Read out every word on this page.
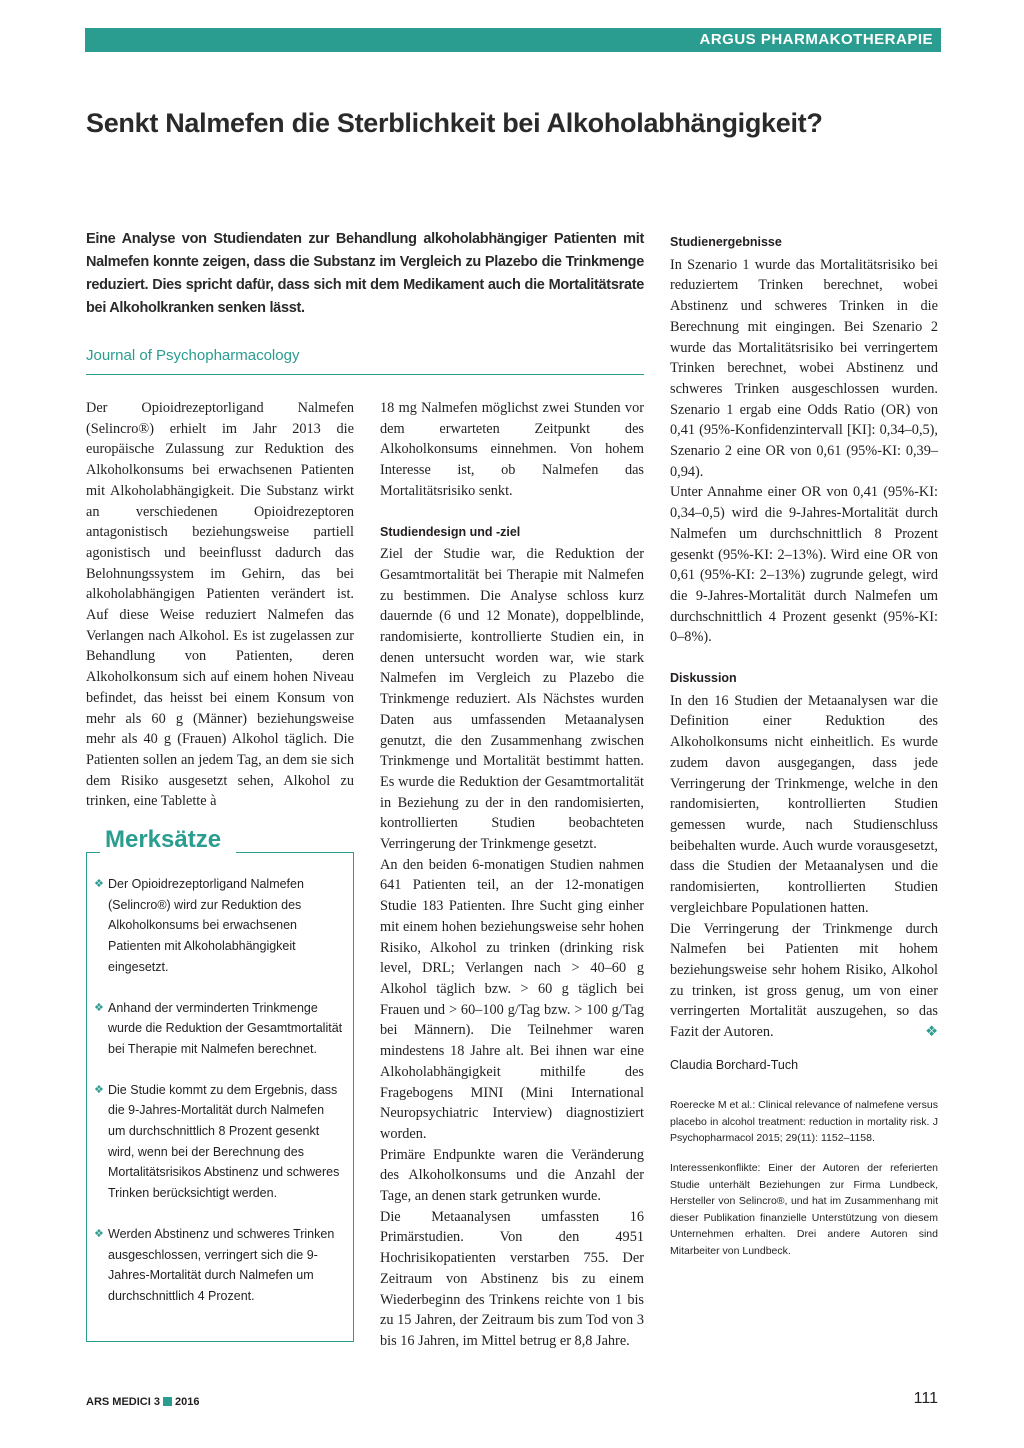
ARGUS PHARMAKOTHERAPIE
Senkt Nalmefen die Sterblichkeit bei Alkoholabhängigkeit?

Eine Analyse von Studiendaten zur Behandlung alkoholabhängiger Patienten mit Nalmefen konnte zeigen, dass die Substanz im Vergleich zu Plazebo die Trinkmenge reduziert. Dies spricht dafür, dass sich mit dem Medikament auch die Mortalitätsrate bei Alkoholkranken senken lässt.

Journal of Psychopharmacology

Der Opioidrezeptorligand Nalmefen (Selincro®) erhielt im Jahr 2013 die europäische Zulassung zur Reduktion des Alkoholkonsums bei erwachsenen Patienten mit Alkoholabhängigkeit. Die Substanz wirkt an verschiedenen Opioidrezeptoren antagonistisch beziehungsweise partiell agonistisch und beeinflusst dadurch das Belohnungssystem im Gehirn, das bei alkoholabhängigen Patienten verändert ist. Auf diese Weise reduziert Nalmefen das Verlangen nach Alkohol. Es ist zugelassen zur Behandlung von Patienten, deren Alkoholkonsum sich auf einem hohen Niveau befindet, das heisst bei einem Konsum von mehr als 60 g (Männer) beziehungsweise mehr als 40 g (Frauen) Alkohol täglich. Die Patienten sollen an jedem Tag, an dem sie sich dem Risiko ausgesetzt sehen, Alkohol zu trinken, eine Tablette à

Merksätze
❖ Der Opioidrezeptorligand Nalmefen (Selincro®) wird zur Reduktion des Alkoholkonsums bei erwachsenen Patienten mit Alkoholabhängigkeit eingesetzt.
❖ Anhand der verminderten Trinkmenge wurde die Reduktion der Gesamtmortalität bei Therapie mit Nalmefen berechnet.
❖ Die Studie kommt zu dem Ergebnis, dass die 9-Jahres-Mortalität durch Nalmefen um durchschnittlich 8 Prozent gesenkt wird, wenn bei der Berechnung des Mortalitätsrisikos Abstinenz und schweres Trinken berücksichtigt werden.
❖ Werden Abstinenz und schweres Trinken ausgeschlossen, verringert sich die 9-Jahres-Mortalität durch Nalmefen um durchschnittlich 4 Prozent.

18 mg Nalmefen möglichst zwei Stunden vor dem erwarteten Zeitpunkt des Alkoholkonsums einnehmen. Von hohem Interesse ist, ob Nalmefen das Mortalitätsrisiko senkt.

Studiendesign und -ziel

Ziel der Studie war, die Reduktion der Gesamtmortalität bei Therapie mit Nalmefen zu bestimmen. Die Analyse schloss kurz dauernde (6 und 12 Monate), doppelblinde, randomisierte, kontrollierte Studien ein, in denen untersucht worden war, wie stark Nalmefen im Vergleich zu Plazebo die Trinkmenge reduziert. Als Nächstes wurden Daten aus umfassenden Metaanalysen genutzt, die den Zusammenhang zwischen Trinkmenge und Mortalität bestimmt hatten. Es wurde die Reduktion der Gesamtmortalität in Beziehung zu der in den randomisierten, kontrollierten Studien beobachteten Verringerung der Trinkmenge gesetzt.

An den beiden 6-monatigen Studien nahmen 641 Patienten teil, an der 12-monatigen Studie 183 Patienten. Ihre Sucht ging einher mit einem hohen beziehungsweise sehr hohen Risiko, Alkohol zu trinken (drinking risk level, DRL; Verlangen nach > 40–60 g Alkohol täglich bzw. > 60 g täglich bei Frauen und > 60–100 g/Tag bzw. > 100 g/Tag bei Männern). Die Teilnehmer waren mindestens 18 Jahre alt. Bei ihnen war eine Alkoholabhängigkeit mithilfe des Fragebogens MINI (Mini International Neuropsychiatric Interview) diagnostiziert worden.

Primäre Endpunkte waren die Veränderung des Alkoholkonsums und die Anzahl der Tage, an denen stark getrunken wurde.

Die Metaanalysen umfassten 16 Primärstudien. Von den 4951 Hochrisikopatienten verstarben 755. Der Zeitraum von Abstinenz bis zu einem Wiederbeginn des Trinkens reichte von 1 bis zu 15 Jahren, der Zeitraum bis zum Tod von 3 bis 16 Jahren, im Mittel betrug er 8,8 Jahre.

Studienergebnisse

In Szenario 1 wurde das Mortalitätsrisiko bei reduziertem Trinken berechnet, wobei Abstinenz und schweres Trinken in die Berechnung mit eingingen. Bei Szenario 2 wurde das Mortalitätsrisiko bei verringertem Trinken berechnet, wobei Abstinenz und schweres Trinken ausgeschlossen wurden. Szenario 1 ergab eine Odds Ratio (OR) von 0,41 (95%-Konfidenzintervall [KI]: 0,34–0,5), Szenario 2 eine OR von 0,61 (95%-KI: 0,39–0,94).

Unter Annahme einer OR von 0,41 (95%-KI: 0,34–0,5) wird die 9-Jahres-Mortalität durch Nalmefen um durchschnittlich 8 Prozent gesenkt (95%-KI: 2–13%). Wird eine OR von 0,61 (95%-KI: 2–13%) zugrunde gelegt, wird die 9-Jahres-Mortalität durch Nalmefen um durchschnittlich 4 Prozent gesenkt (95%-KI: 0–8%).

Diskussion

In den 16 Studien der Metaanalysen war die Definition einer Reduktion des Alkoholkonsums nicht einheitlich. Es wurde zudem davon ausgegangen, dass jede Verringerung der Trinkmenge, welche in den randomisierten, kontrollierten Studien gemessen wurde, nach Studienschluss beibehalten wurde. Auch wurde vorausgesetzt, dass die Studien der Metaanalysen und die randomisierten, kontrollierten Studien vergleichbare Populationen hatten.

Die Verringerung der Trinkmenge durch Nalmefen bei Patienten mit hohem beziehungsweise sehr hohem Risiko, Alkohol zu trinken, ist gross genug, um von einer verringerten Mortalität auszugehen, so das Fazit der Autoren.	❖

Claudia Borchard-Tuch

Roerecke M et al.: Clinical relevance of nalmefene versus placebo in alcohol treatment: reduction in mortality risk. J Psychopharmacol 2015; 29(11): 1152–1158.

Interessenkonflikte: Einer der Autoren der referierten Studie unterhält Beziehungen zur Firma Lundbeck, Hersteller von Selincro®, und hat im Zusammenhang mit dieser Publikation finanzielle Unterstützung von diesem Unternehmen erhalten. Drei andere Autoren sind Mitarbeiter von Lundbeck.

ARS MEDICI 3 2016	111
